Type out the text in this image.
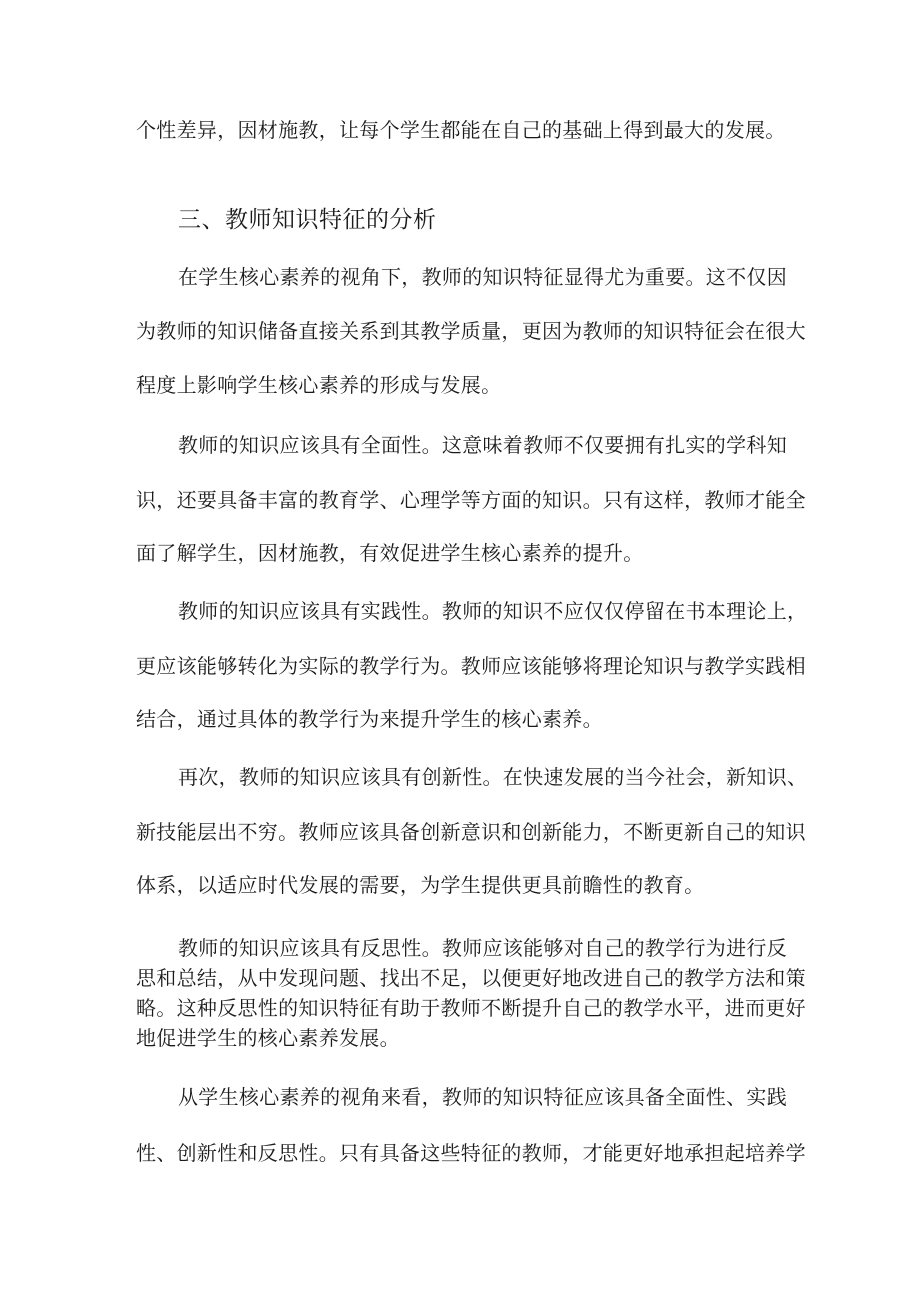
个性差异，因材施教，让每个学生都能在自己的基础上得到最大的发展。
三、教师知识特征的分析
在学生核心素养的视角下，教师的知识特征显得尤为重要。这不仅因
为教师的知识储备直接关系到其教学质量，更因为教师的知识特征会在很大
程度上影响学生核心素养的形成与发展。
教师的知识应该具有全面性。这意味着教师不仅要拥有扎实的学科知
识，还要具备丰富的教育学、心理学等方面的知识。只有这样，教师才能全
面了解学生，因材施教，有效促进学生核心素养的提升。
教师的知识应该具有实践性。教师的知识不应仅仅停留在书本理论上，
更应该能够转化为实际的教学行为。教师应该能够将理论知识与教学实践相
结合，通过具体的教学行为来提升学生的核心素养。
再次，教师的知识应该具有创新性。在快速发展的当今社会，新知识、
新技能层出不穷。教师应该具备创新意识和创新能力，不断更新自己的知识
体系，以适应时代发展的需要，为学生提供更具前瞻性的教育。
教师的知识应该具有反思性。教师应该能够对自己的教学行为进行反
思和总结，从中发现问题、找出不足，以便更好地改进自己的教学方法和策
略。这种反思性的知识特征有助于教师不断提升自己的教学水平，进而更好
地促进学生的核心素养发展。
从学生核心素养的视角来看，教师的知识特征应该具备全面性、实践
性、创新性和反思性。只有具备这些特征的教师，才能更好地承担起培养学
